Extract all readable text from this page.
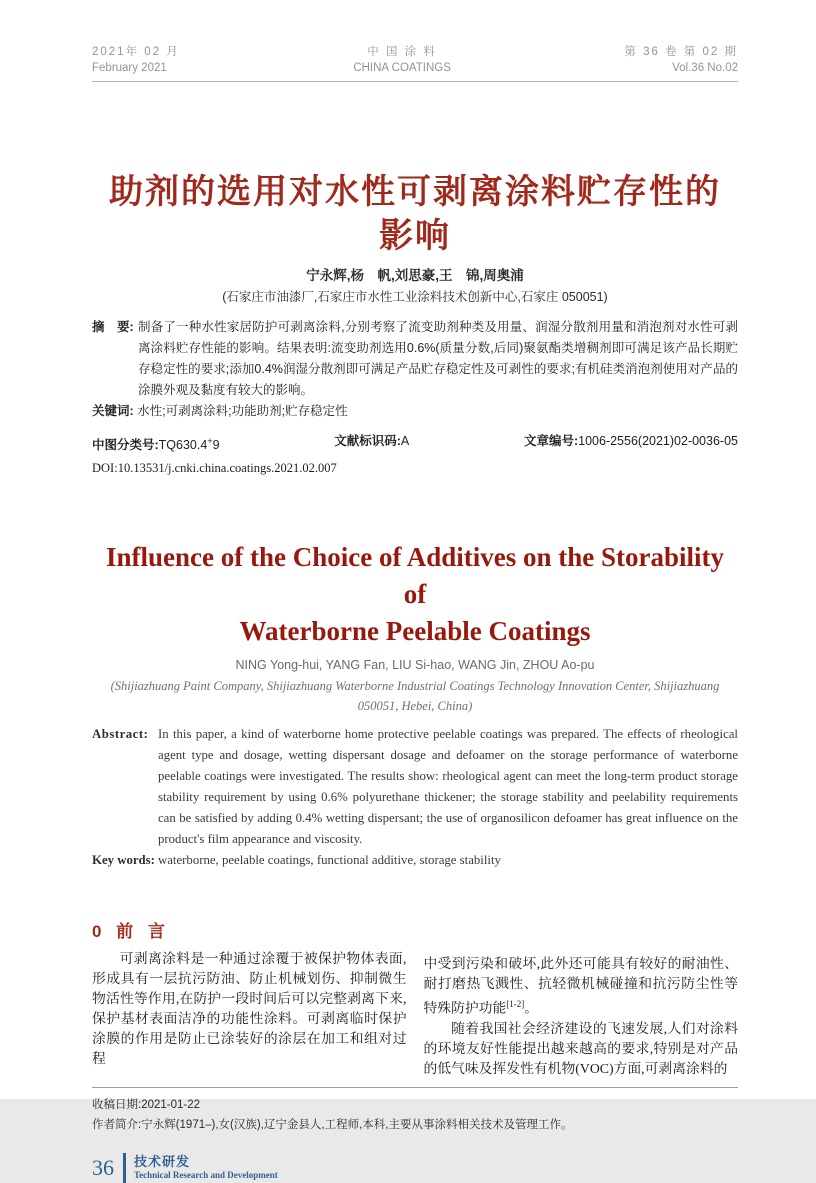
2021年 02 月
February 2021
中 国 涂 料
CHINA COATINGS
第 36 卷 第 02 期
Vol.36 No.02
助剂的选用对水性可剥离涂料贮存性的
影响
宁永辉,杨　帆,刘思豪,王　锦,周奥浦
(石家庄市油漆厂,石家庄市水性工业涂料技术创新中心,石家庄 050051)
摘　要: 制备了一种水性家居防护可剥离涂料,分别考察了流变助剂种类及用量、润湿分散剂用量和消泡剂对水性可剥离涂料贮存性能的影响。结果表明:流变助剂选用0.6%(质量分数,后同)聚氨酯类增稠剂即可满足该产品长期贮存稳定性的要求;添加0.4%润湿分散剂即可满足产品贮存稳定性及可剥性的要求;有机硅类消泡剂使用对产品的涂膜外观及黏度有较大的影响。
关键词: 水性;可剥离涂料;功能助剂;贮存稳定性
中图分类号:TQ630.4+9	文献标识码:A	文章编号:1006-2556(2021)02-0036-05
DOI:10.13531/j.cnki.china.coatings.2021.02.007
Influence of the Choice of Additives on the Storability of
Waterborne Peelable Coatings
NING Yong-hui, YANG Fan, LIU Si-hao, WANG Jin, ZHOU Ao-pu
(Shijiazhuang Paint Company, Shijiazhuang Waterborne Industrial Coatings Technology Innovation Center, Shijiazhuang 050051, Hebei, China)
Abstract: In this paper, a kind of waterborne home protective peelable coatings was prepared. The effects of rheological agent type and dosage, wetting dispersant dosage and defoamer on the storage performance of waterborne peelable coatings were investigated. The results show: rheological agent can meet the long-term product storage stability requirement by using 0.6% polyurethane thickener; the storage stability and peelability requirements can be satisfied by adding 0.4% wetting dispersant; the use of organosilicon defoamer has great influence on the product's film appearance and viscosity.
Key words: waterborne, peelable coatings, functional additive, storage stability
0 前 言

可剥离涂料是一种通过涂覆于被保护物体表面,形成具有一层抗污防油、防止机械划伤、抑制微生物活性等作用,在防护一段时间后可以完整剥离下来,保护基材表面洁净的功能性涂料。可剥离临时保护涂膜的作用是防止已涂装好的涂层在加工和组对过程

中受到污染和破坏,此外还可能具有较好的耐油性、耐打磨热飞溅性、抗轻微机械碰撞和抗污防尘性等特殊防护功能[1-2]。

随着我国社会经济建设的飞速发展,人们对涂料的环境友好性能提出越来越高的要求,特别是对产品的低气味及挥发性有机物(VOC)方面,可剥离涂料的

收稿日期:2021-01-22
作者简介:宁永辉(1971–),女(汉族),辽宁金县人,工程师,本科,主要从事涂料相关技术及管理工作。
36 技术研发
Technical Research and Development
